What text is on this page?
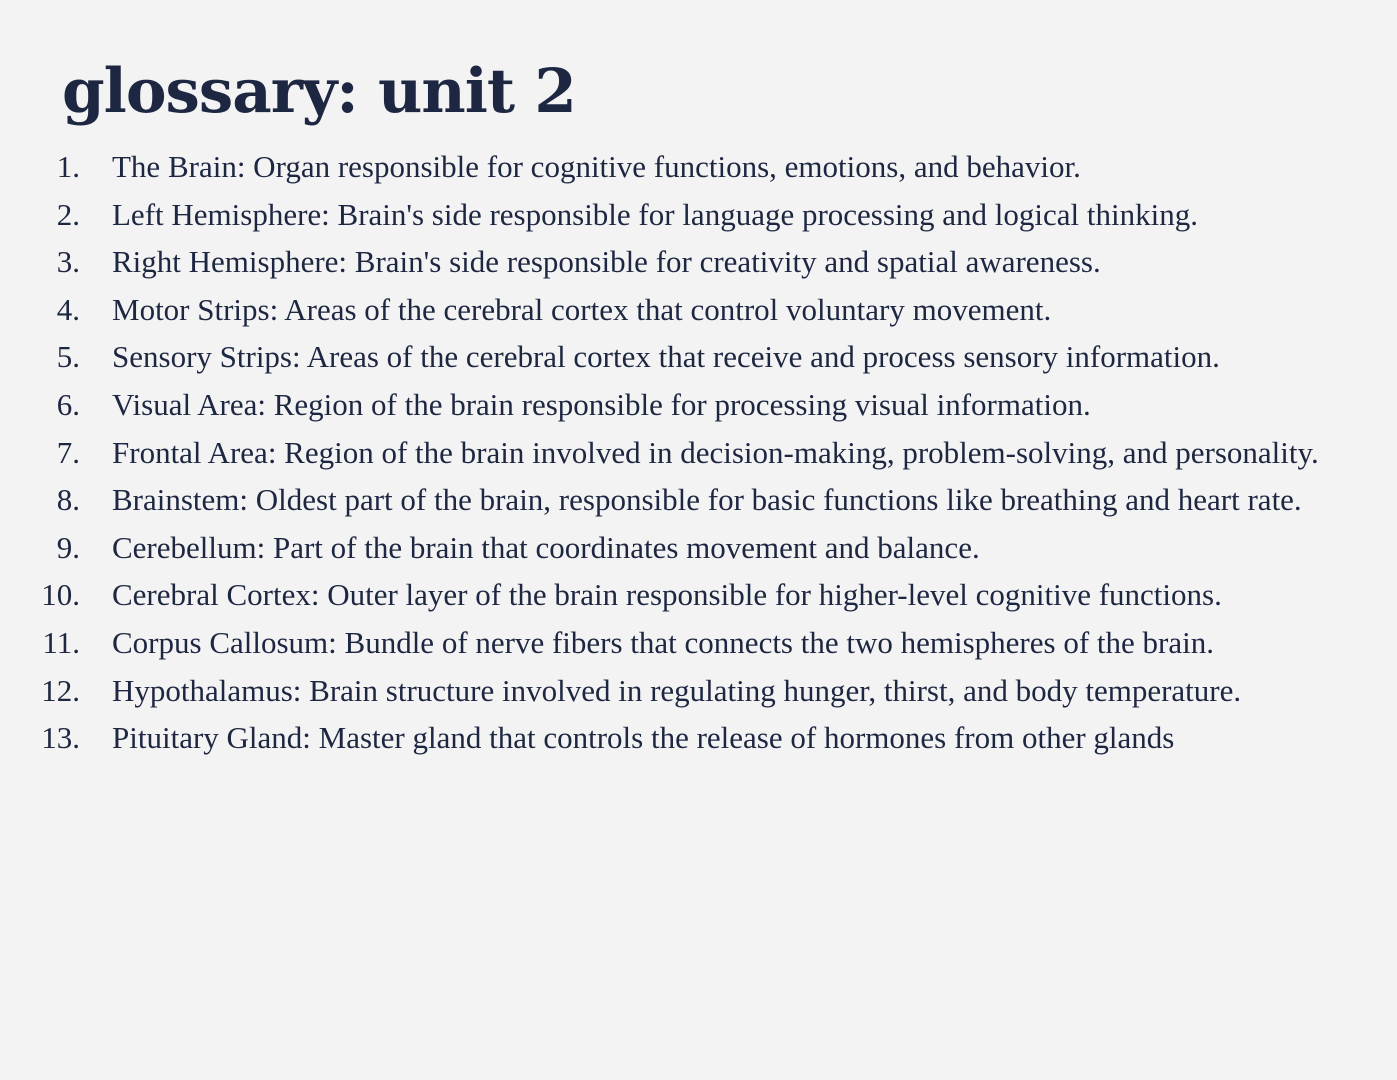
glossary: unit 2
1. The Brain: Organ responsible for cognitive functions, emotions, and behavior.
2. Left Hemisphere: Brain's side responsible for language processing and logical thinking.
3. Right Hemisphere: Brain's side responsible for creativity and spatial awareness.
4. Motor Strips: Areas of the cerebral cortex that control voluntary movement.
5. Sensory Strips: Areas of the cerebral cortex that receive and process sensory information.
6. Visual Area: Region of the brain responsible for processing visual information.
7. Frontal Area: Region of the brain involved in decision-making, problem-solving, and personality.
8. Brainstem: Oldest part of the brain, responsible for basic functions like breathing and heart rate.
9. Cerebellum: Part of the brain that coordinates movement and balance.
10. Cerebral Cortex: Outer layer of the brain responsible for higher-level cognitive functions.
11. Corpus Callosum: Bundle of nerve fibers that connects the two hemispheres of the brain.
12. Hypothalamus: Brain structure involved in regulating hunger, thirst, and body temperature.
13. Pituitary Gland: Master gland that controls the release of hormones from other glands
